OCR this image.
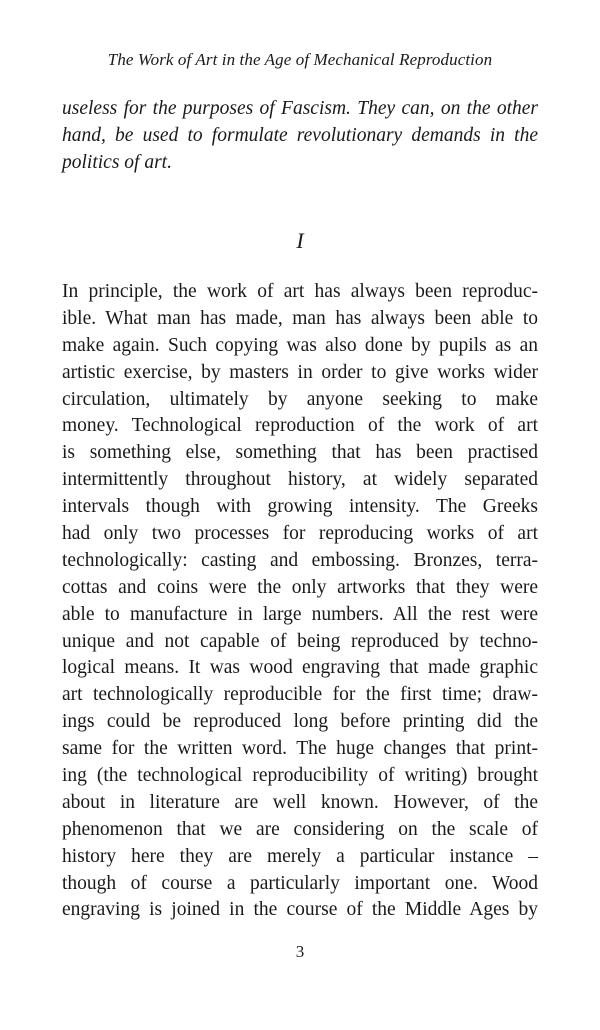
The Work of Art in the Age of Mechanical Reproduction
useless for the purposes of Fascism. They can, on the other
hand, be used to formulate revolutionary demands in the
politics of art.
I
In principle, the work of art has always been reproduc-
ible. What man has made, man has always been able to
make again. Such copying was also done by pupils as an
artistic exercise, by masters in order to give works wider
circulation, ultimately by anyone seeking to make
money. Technological reproduction of the work of art
is something else, something that has been practised
intermittently throughout history, at widely separated
intervals though with growing intensity. The Greeks
had only two processes for reproducing works of art
technologically: casting and embossing. Bronzes, terra-
cottas and coins were the only artworks that they were
able to manufacture in large numbers. All the rest were
unique and not capable of being reproduced by techno-
logical means. It was wood engraving that made graphic
art technologically reproducible for the first time; draw-
ings could be reproduced long before printing did the
same for the written word. The huge changes that print-
ing (the technological reproducibility of writing) brought
about in literature are well known. However, of the
phenomenon that we are considering on the scale of
history here they are merely a particular instance –
though of course a particularly important one. Wood
engraving is joined in the course of the Middle Ages by
3
